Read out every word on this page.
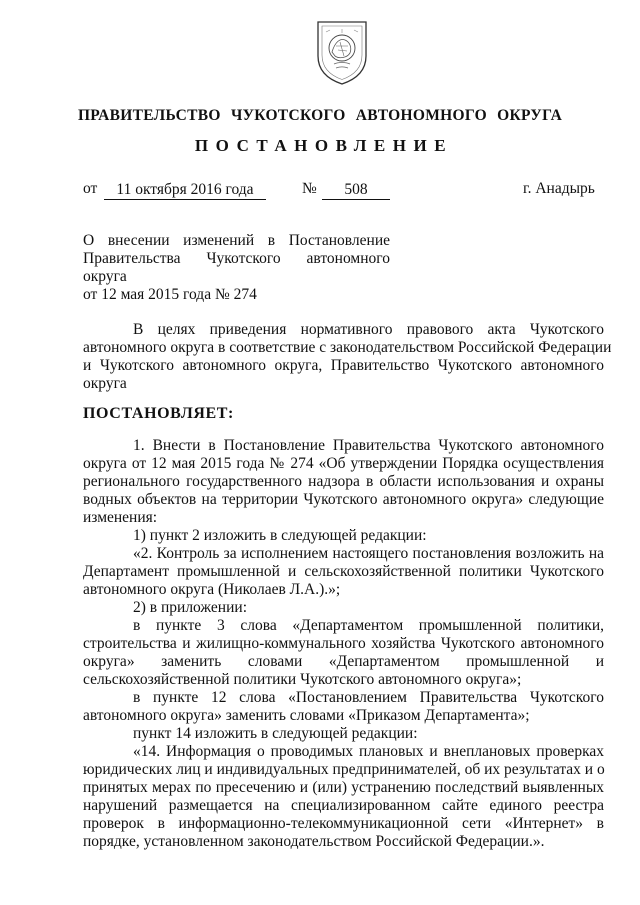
ПРАВИТЕЛЬСТВО ЧУКОТСКОГО АВТОНОМНОГО ОКРУГА
ПОСТАНОВЛЕНИЕ
от	11 октября 2016 года	№	508	г. Анадырь
О внесении изменений в Постановление
Правительства Чукотского автономного округа
от 12 мая 2015 года № 274
В целях приведения нормативного правового акта Чукотского
автономного округа в соответствие с законодательством Российской Федерации
и Чукотского автономного округа, Правительство Чукотского автономного
округа
ПОСТАНОВЛЯЕТ:
1. Внести в Постановление Правительства Чукотского автономного
округа от 12 мая 2015 года № 274 «Об утверждении Порядка осуществления
регионального государственного надзора в области использования и охраны
водных объектов на территории Чукотского автономного округа» следующие
изменения:
1) пункт 2 изложить в следующей редакции:
«2. Контроль за исполнением настоящего постановления возложить на
Департамент промышленной и сельскохозяйственной политики Чукотского
автономного округа (Николаев Л.А.).»;
2) в приложении:
в пункте 3 слова «Департаментом промышленной политики,
строительства и жилищно-коммунального хозяйства Чукотского автономного
округа» заменить словами «Департаментом промышленной и
сельскохозяйственной политики Чукотского автономного округа»;
в пункте 12 слова «Постановлением Правительства Чукотского
автономного округа» заменить словами «Приказом Департамента»;
пункт 14 изложить в следующей редакции:
«14. Информация о проводимых плановых и внеплановых проверках
юридических лиц и индивидуальных предпринимателей, об их результатах и о
принятых мерах по пресечению и (или) устранению последствий выявленных
нарушений размещается на специализированном сайте единого реестра
проверок в информационно-телекоммуникационной сети «Интернет» в
порядке, установленном законодательством Российской Федерации.».
